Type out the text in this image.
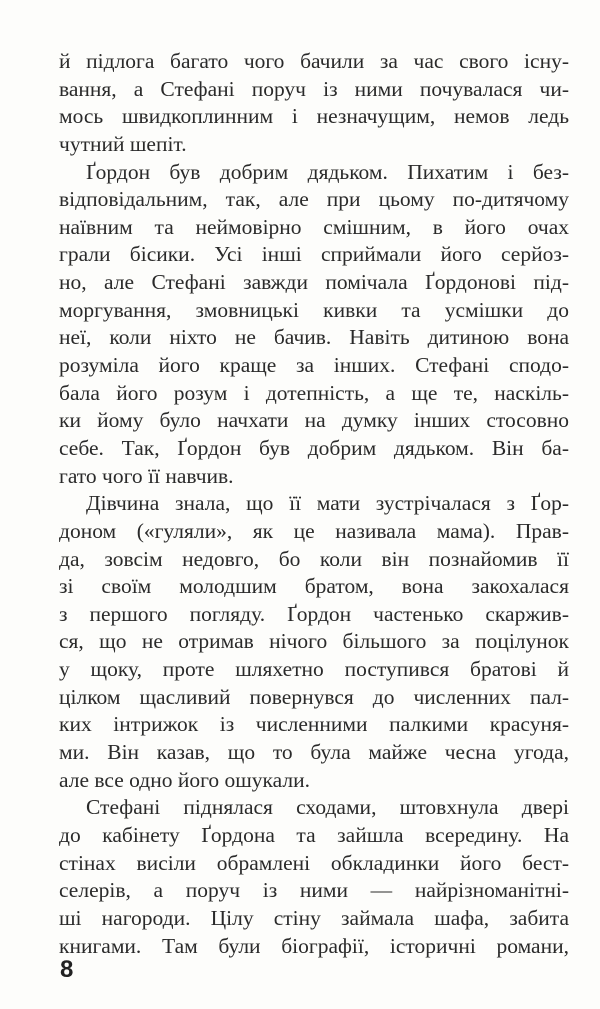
й підлога багато чого бачили за час свого існу-
вання, а Стефані поруч із ними почувалася чи-
мось швидкоплинним і незначущим, немов ледь
чутний шепіт.
Ґордон був добрим дядьком. Пихатим і без-
відповідальним, так, але при цьому по-дитячому
наївним та неймовірно смішним, в його очах
грали бісики. Усі інші сприймали його серйоз-
но, але Стефані завжди помічала Ґордонові під-
моргування, змовницькі кивки та усмішки до
неї, коли ніхто не бачив. Навіть дитиною вона
розуміла його краще за інших. Стефані сподо-
бала його розум і дотепність, а ще те, наскіль-
ки йому було начхати на думку інших стосовно
себе. Так, Ґордон був добрим дядьком. Він ба-
гато чого її навчив.
Дівчина знала, що її мати зустрічалася з Ґор-
доном («гуляли», як це називала мама). Прав-
да, зовсім недовго, бо коли він познайомив її
зі своїм молодшим братом, вона закохалася
з першого погляду. Ґордон частенько скаржив-
ся, що не отримав нічого більшого за поцілунок
у щоку, проте шляхетно поступився братові й
цілком щасливий повернувся до численних пал-
ких інтрижок із численними палкими красуня-
ми. Він казав, що то була майже чесна угода,
але все одно його ошукали.
Стефані піднялася сходами, штовхнула двері
до кабінету Ґордона та зайшла всередину. На
стінах висіли обрамлені обкладинки його бест-
селерів, а поруч із ними — найрізноманітні-
ші нагороди. Цілу стіну займала шафа, забита
книгами. Там були біографії, історичні романи,
8
